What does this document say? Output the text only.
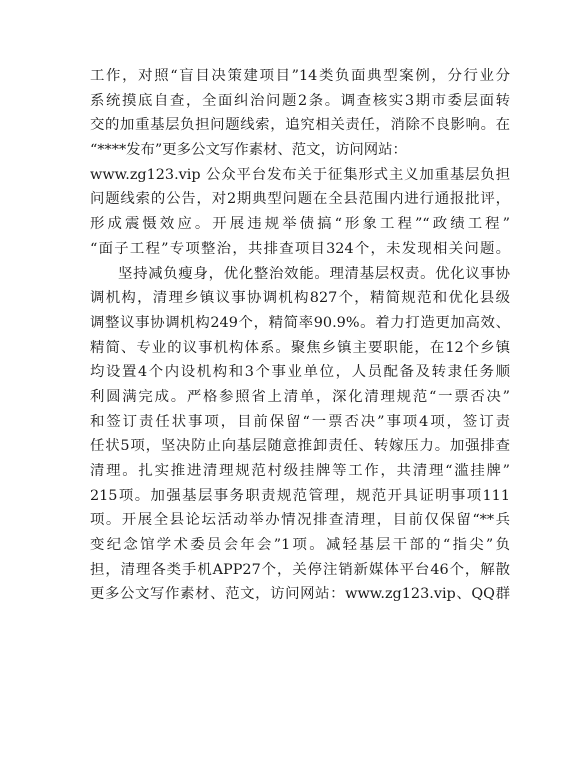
工作，对照“盲目决策建项目”14类负面典型案例，分行业分
系统摸底自查，全面纠治问题2条。调查核实3期市委层面转
交的加重基层负担问题线索，追究相关责任，消除不良影响。在
“****发布”更多公文写作素材、范文，访问网站：
www.zg123.vip 公众平台发布关于征集形式主义加重基层负担
问题线索的公告，对2期典型问题在全县范围内进行通报批评，
形成震慑效应。开展违规举债搞“形象工程”“政绩工程”
“面子工程”专项整治，共排查项目324个，未发现相关问题。
坚持减负瘦身，优化整治效能。理清基层权责。优化议事协
调机构，清理乡镇议事协调机构827个，精简规范和优化县级
调整议事协调机构249个，精简率90.9%。着力打造更加高效、
精简、专业的议事机构体系。聚焦乡镇主要职能，在12个乡镇
均设置4个内设机构和3个事业单位，人员配备及转隶任务顺
利圆满完成。严格参照省上清单，深化清理规范“一票否决”
和签订责任状事项，目前保留“一票否决”事项4项，签订责
任状5项，坚决防止向基层随意推卸责任、转嫁压力。加强排查
清理。扎实推进清理规范村级挂牌等工作，共清理“滥挂牌”
215项。加强基层事务职责规范管理，规范开具证明事项111
项。开展全县论坛活动举办情况排查清理，目前仅保留“**兵
变纪念馆学术委员会年会”1项。减轻基层干部的“指尖”负
担，清理各类手机APP27个，关停注销新媒体平台46个，解散
更多公文写作素材、范文，访问网站：www.zg123.vip、QQ群
